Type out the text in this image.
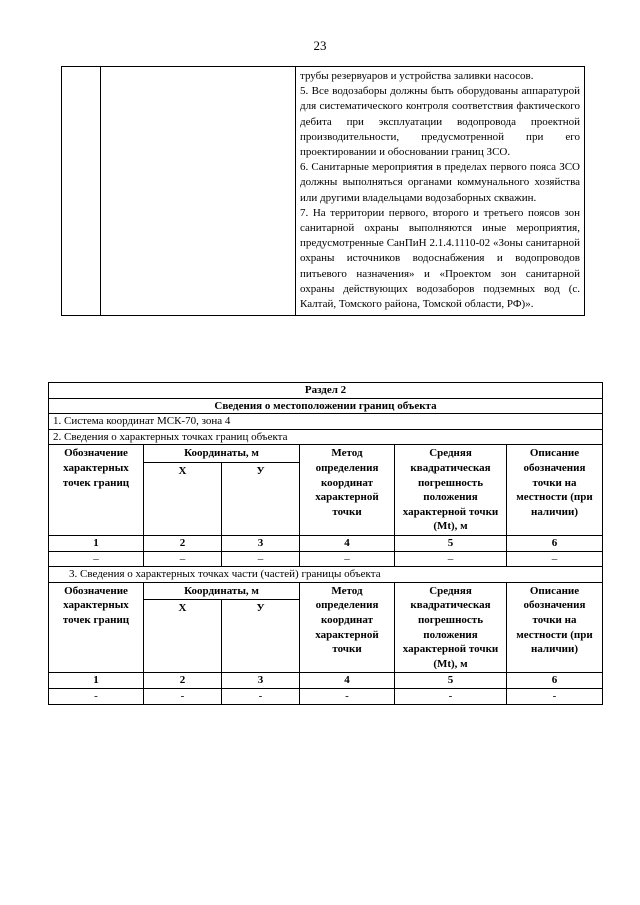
23

трубы резервуаров и устройства заливки насосов.

5. Все водозаборы должны быть оборудованы аппаратурой для систематического контроля соответствия фактического дебита при эксплуатации водопровода проектной производительности, предусмотренной при его проектировании и обосновании границ ЗСО.

6. Санитарные мероприятия в пределах первого пояса ЗСО должны выполняться органами коммунального хозяйства или другими владельцами водозаборных скважин.

7. На территории первого, второго и третьего поясов зон санитарной охраны выполняются иные мероприятия, предусмотренные СанПиН 2.1.4.1110-02 «Зоны санитарной охраны источников водоснабжения и водопроводов питьевого назначения» и «Проектом зон санитарной охраны действующих водозаборов подземных вод (с. Калтай, Томского района, Томской области, РФ)».

Раздел 2					
Сведения о местоположении границ объекта					
1. Система координат МСК-70, зона 4					
2. Сведения о характерных точках границ объекта					
Обозначение характерных точек границ	Координаты, м		Метод определения координат характерной точки	Средняя квадратическая погрешность положения характерной точки (Mt), м	Описание обозначения точки на местности (при наличии)
	X	У			
1	2	3	4	5	6
–	–	–	–	–	–
3. Сведения о характерных точках части (частей) границы объекта					
Обозначение характерных точек границ	Координаты, м		Метод определения координат характерной точки	Средняя квадратическая погрешность положения характерной точки (Mt), м	Описание обозначения точки на местности (при наличии)
	X	У			
1	2	3	4	5	6
-	-	-	-	-	-
